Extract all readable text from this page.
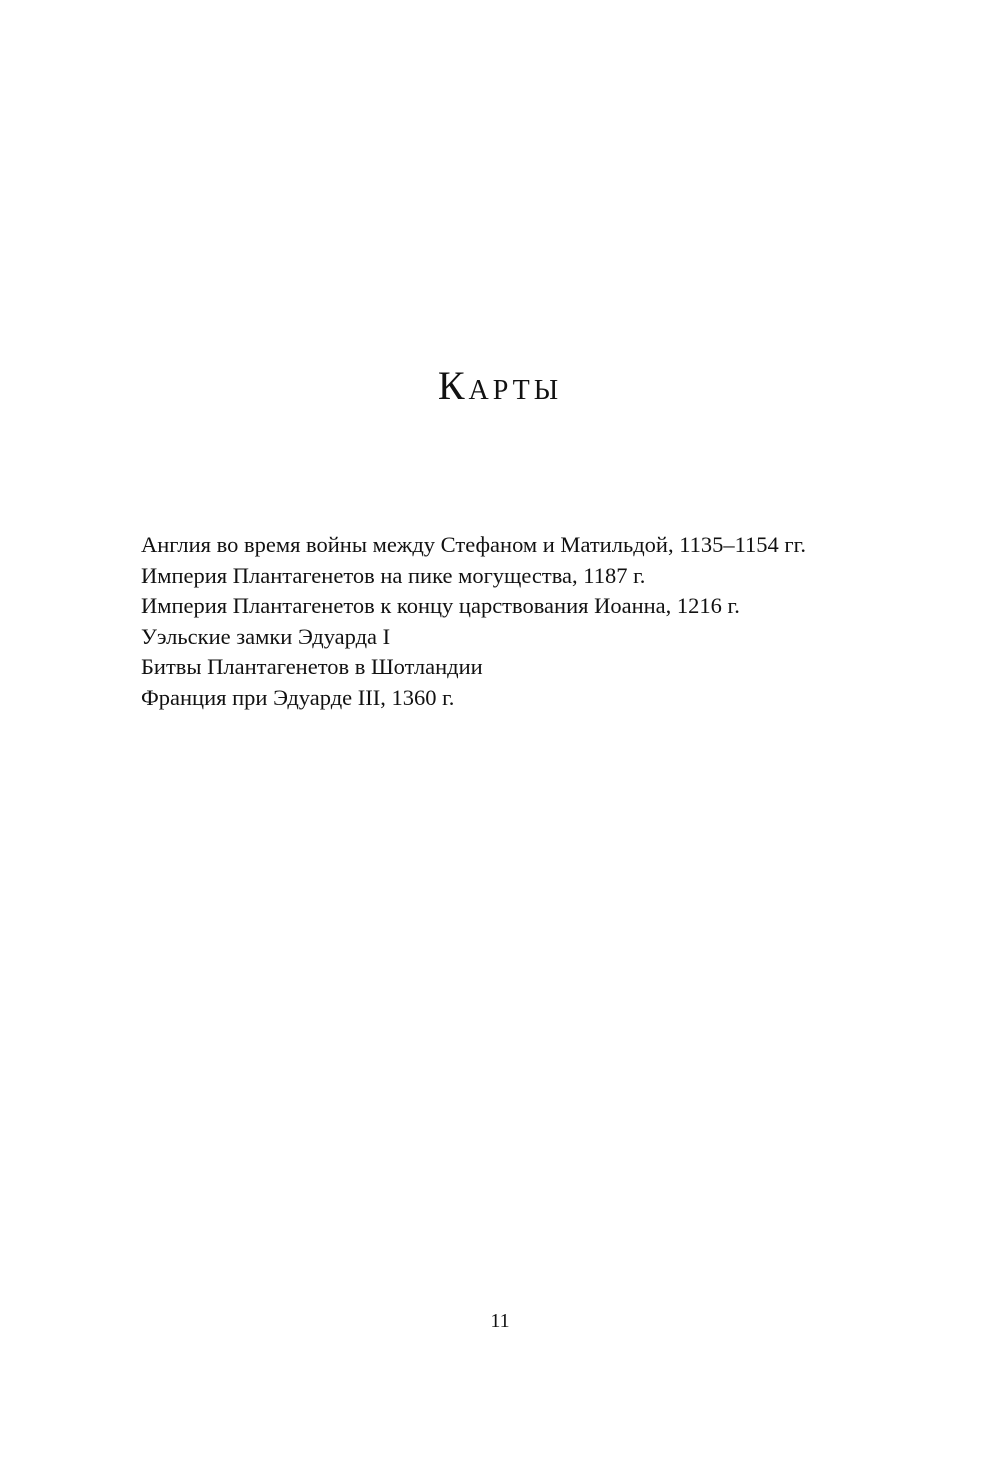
Карты
Англия во время войны между Стефаном и Матильдой, 1135–1154 гг.
Империя Плантагенетов на пике могущества, 1187 г.
Империя Плантагенетов к концу царствования Иоанна, 1216 г.
Уэльские замки Эдуарда I
Битвы Плантагенетов в Шотландии
Франция при Эдуарде III, 1360 г.
11
